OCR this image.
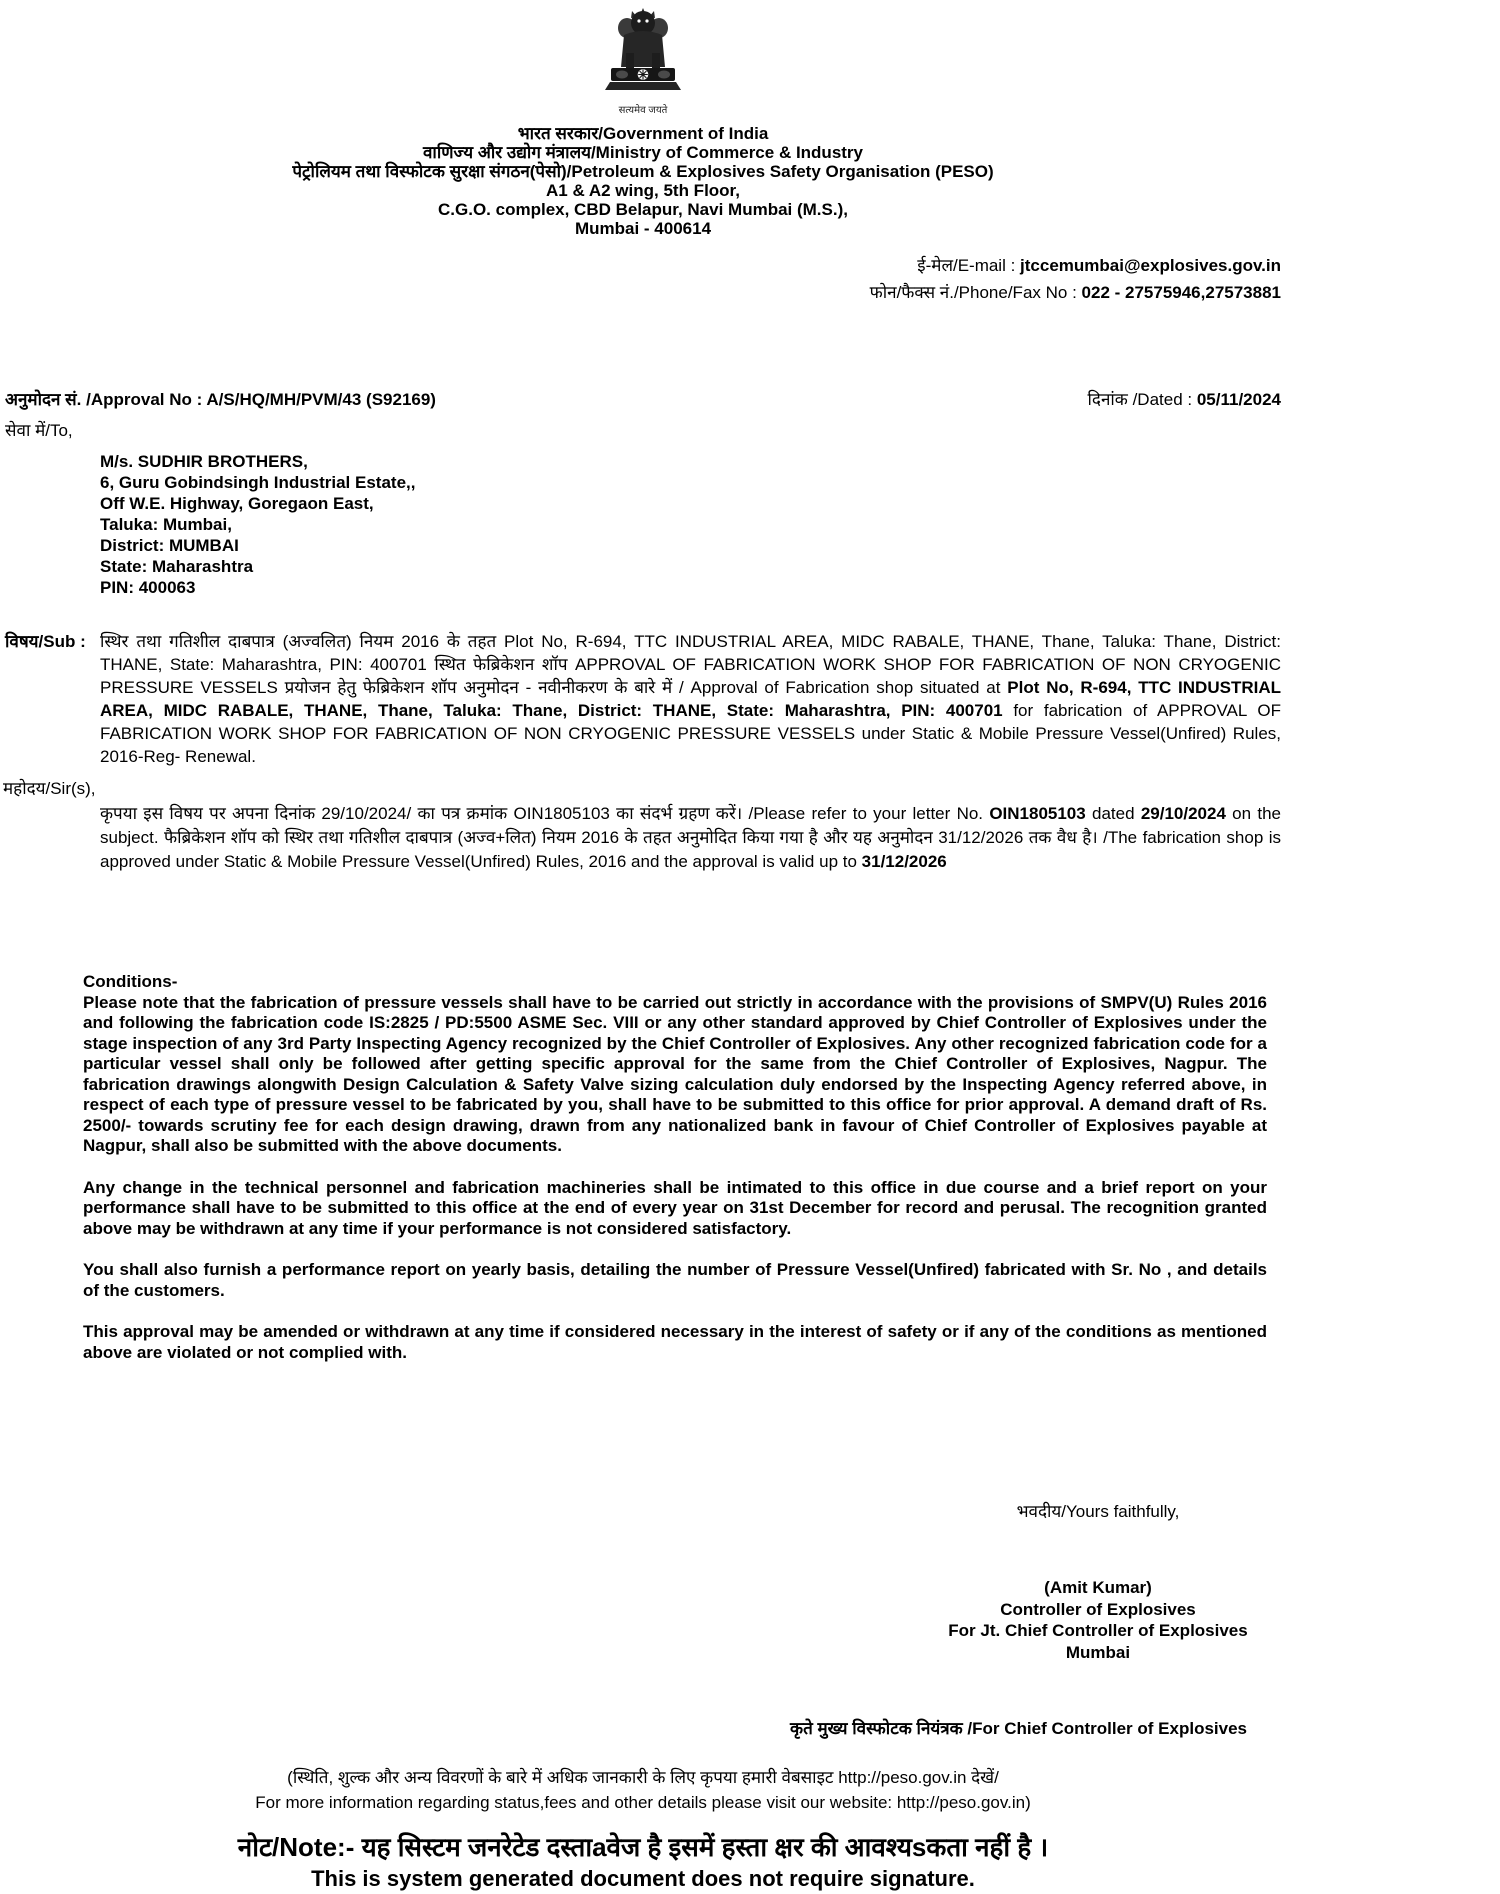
सत्यमेव जयते
भारत सरकार/Government of India
वाणिज्य और उद्योग मंत्रालय/Ministry of Commerce & Industry
पेट्रोलियम तथा विस्फोटक सुरक्षा संगठन(पेसो)/Petroleum & Explosives Safety Organisation (PESO)
A1 & A2 wing, 5th Floor,
C.G.O. complex, CBD Belapur, Navi Mumbai (M.S.),
Mumbai - 400614
ई-मेल/E-mail : jtccemumbai@explosives.gov.in
फोन/फैक्स नं./Phone/Fax No : 022 - 27575946,27573881
अनुमोदन सं. /Approval No : A/S/HQ/MH/PVM/43 (S92169)	दिनांक /Dated : 05/11/2024
सेवा में/To,
M/s. SUDHIR BROTHERS,
6, Guru Gobindsingh Industrial Estate,,
Off W.E. Highway, Goregaon East,
Taluka: Mumbai,
District: MUMBAI
State: Maharashtra
PIN: 400063
विषय/Sub : स्थिर तथा गतिशील दाबपात्र (अज्वलित) नियम 2016 के तहत Plot No, R-694, TTC INDUSTRIAL AREA, MIDC RABALE, THANE, Thane, Taluka: Thane, District: THANE, State: Maharashtra, PIN: 400701 स्थित फेब्रिकेशन शॉप APPROVAL OF FABRICATION WORK SHOP FOR FABRICATION OF NON CRYOGENIC PRESSURE VESSELS प्रयोजन हेतु फेब्रिकेशन शॉप अनुमोदन - नवीनीकरण के बारे में / Approval of Fabrication shop situated at Plot No, R-694, TTC INDUSTRIAL AREA, MIDC RABALE, THANE, Thane, Taluka: Thane, District: THANE, State: Maharashtra, PIN: 400701 for fabrication of APPROVAL OF FABRICATION WORK SHOP FOR FABRICATION OF NON CRYOGENIC PRESSURE VESSELS under Static & Mobile Pressure Vessel(Unfired) Rules, 2016-Reg- Renewal.

महोदय/Sir(s),

कृपया इस विषय पर अपना दिनांक 29/10/2024/ का पत्र क्रमांक OIN1805103 का संदर्भ ग्रहण करें। /Please refer to your letter No. OIN1805103 dated 29/10/2024 on the subject. फैब्रिकेशन शॉप को स्थिर तथा गतिशील दाबपात्र (अज्व+लित) नियम 2016 के तहत अनुमोदित किया गया है और यह अनुमोदन 31/12/2026 तक वैध है। /The fabrication shop is approved under Static & Mobile Pressure Vessel(Unfired) Rules, 2016 and the approval is valid up to 31/12/2026

Conditions-

Please note that the fabrication of pressure vessels shall have to be carried out strictly in accordance with the provisions of SMPV(U) Rules 2016 and following the fabrication code IS:2825 / PD:5500 ASME Sec. VIII or any other standard approved by Chief Controller of Explosives under the stage inspection of any 3rd Party Inspecting Agency recognized by the Chief Controller of Explosives. Any other recognized fabrication code for a particular vessel shall only be followed after getting specific approval for the same from the Chief Controller of Explosives, Nagpur. The fabrication drawings alongwith Design Calculation & Safety Valve sizing calculation duly endorsed by the Inspecting Agency referred above, in respect of each type of pressure vessel to be fabricated by you, shall have to be submitted to this office for prior approval. A demand draft of Rs. 2500/- towards scrutiny fee for each design drawing, drawn from any nationalized bank in favour of Chief Controller of Explosives payable at Nagpur, shall also be submitted with the above documents.

Any change in the technical personnel and fabrication machineries shall be intimated to this office in due course and a brief report on your performance shall have to be submitted to this office at the end of every year on 31st December for record and perusal. The recognition granted above may be withdrawn at any time if your performance is not considered satisfactory.

You shall also furnish a performance report on yearly basis, detailing the number of Pressure Vessel(Unfired) fabricated with Sr. No , and details of the customers.

This approval may be amended or withdrawn at any time if considered necessary in the interest of safety or if any of the conditions as mentioned above are violated or not complied with.

भवदीय/Yours faithfully,
(Amit Kumar)
Controller of Explosives
For Jt. Chief Controller of Explosives
Mumbai
कृते मुख्य विस्फोटक नियंत्रक /For Chief Controller of Explosives
(स्थिति, शुल्क और अन्य विवरणों के बारे में अधिक जानकारी के लिए कृपया हमारी वेबसाइट http://peso.gov.in देखें/
For more information regarding status,fees and other details please visit our website: http://peso.gov.in)
नोट/Note:- यह सिस्टम जनरेटेड दस्ताaवेज है इसमें हस्ता क्षर की आवश्यsकता नहीं है ।
This is system generated document does not require signature.
